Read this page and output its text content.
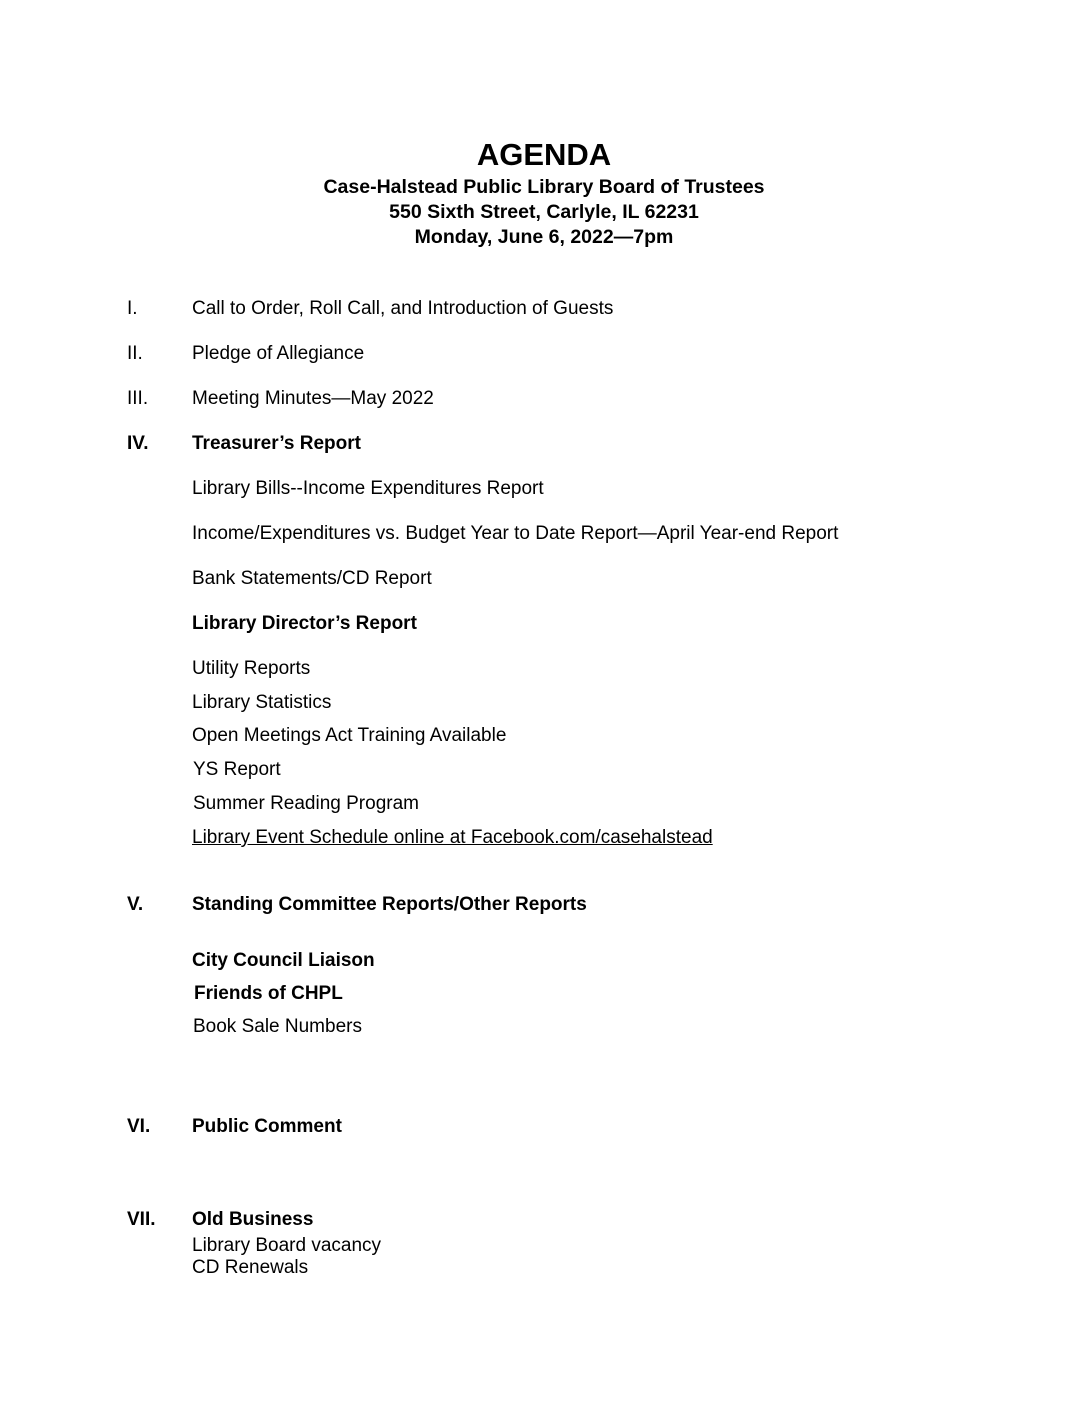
AGENDA
Case-Halstead Public Library Board of Trustees
550 Sixth Street, Carlyle, IL 62231
Monday, June 6, 2022—7pm
I.	Call to Order, Roll Call, and Introduction of Guests
II.	Pledge of Allegiance
III. Meeting Minutes—May 2022
IV. Treasurer’s Report
Library Bills--Income Expenditures Report
Income/Expenditures vs. Budget Year to Date Report—April Year-end Report
Bank Statements/CD Report
Library Director’s Report
Utility Reports
Library Statistics
Open Meetings Act Training Available
YS Report
Summer Reading Program
Library Event Schedule online at Facebook.com/casehalstead
V.	Standing Committee Reports/Other Reports
City Council Liaison
Friends of CHPL
Book Sale Numbers
VI. Public Comment
VII. Old Business
Library Board vacancy
CD Renewals
